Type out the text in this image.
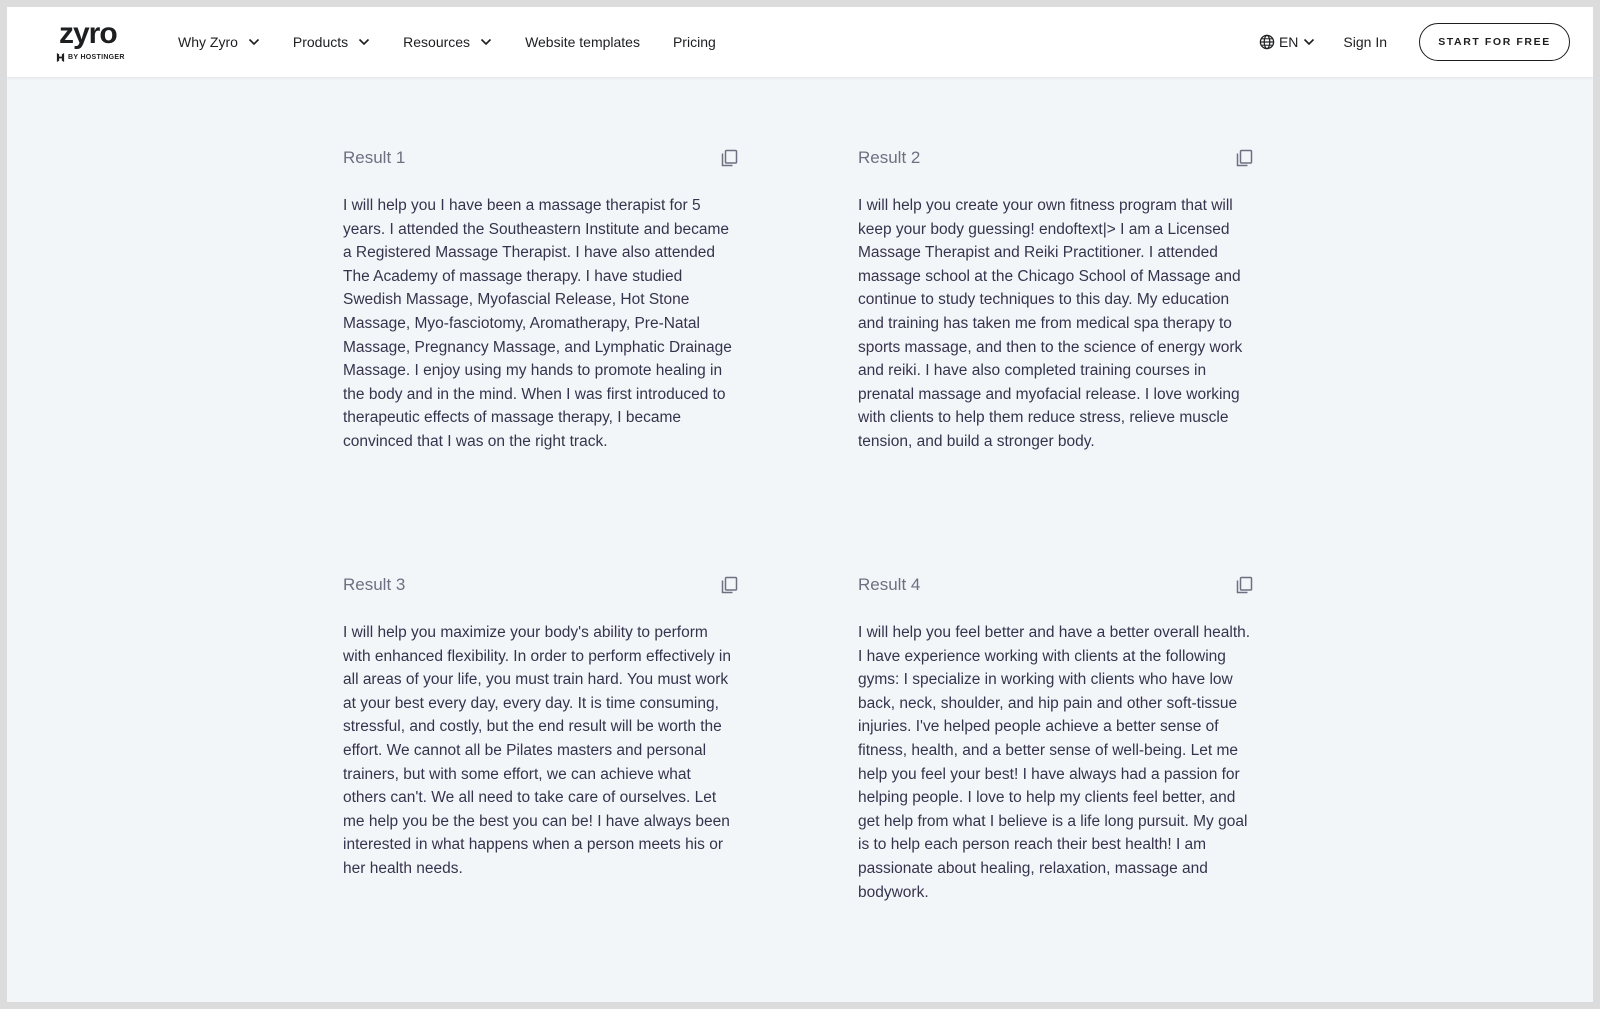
zyro
BY HOSTINGER
Why Zyro	Products	Resources	Website templates Pricing	EN	Sign In	START FOR FREE
Result 1

I will help you I have been a massage therapist for 5 years. I attended the Southeastern Institute and became a Registered Massage Therapist. I have also attended The Academy of massage therapy. I have studied Swedish Massage, Myofascial Release, Hot Stone Massage, Myo-fasciotomy, Aromatherapy, Pre-Natal Massage, Pregnancy Massage, and Lymphatic Drainage Massage. I enjoy using my hands to promote healing in the body and in the mind. When I was first introduced to therapeutic effects of massage therapy, I became convinced that I was on the right track.

Result 2

I will help you create your own fitness program that will keep your body guessing! endoftext|> I am a Licensed Massage Therapist and Reiki Practitioner. I attended massage school at the Chicago School of Massage and continue to study techniques to this day. My education and training has taken me from medical spa therapy to sports massage, and then to the science of energy work and reiki. I have also completed training courses in prenatal massage and myofacial release. I love working with clients to help them reduce stress, relieve muscle tension, and build a stronger body.

Result 3

I will help you maximize your body's ability to perform with enhanced flexibility. In order to perform effectively in all areas of your life, you must train hard. You must work at your best every day, every day. It is time consuming, stressful, and costly, but the end result will be worth the effort. We cannot all be Pilates masters and personal trainers, but with some effort, we can achieve what others can't. We all need to take care of ourselves. Let me help you be the best you can be! I have always been interested in what happens when a person meets his or her health needs.

Result 4

I will help you feel better and have a better overall health. I have experience working with clients at the following gyms: I specialize in working with clients who have low back, neck, shoulder, and hip pain and other soft-tissue injuries. I've helped people achieve a better sense of fitness, health, and a better sense of well-being. Let me help you feel your best! I have always had a passion for helping people. I love to help my clients feel better, and get help from what I believe is a life long pursuit. My goal is to help each person reach their best health! I am passionate about healing, relaxation, massage and bodywork.
